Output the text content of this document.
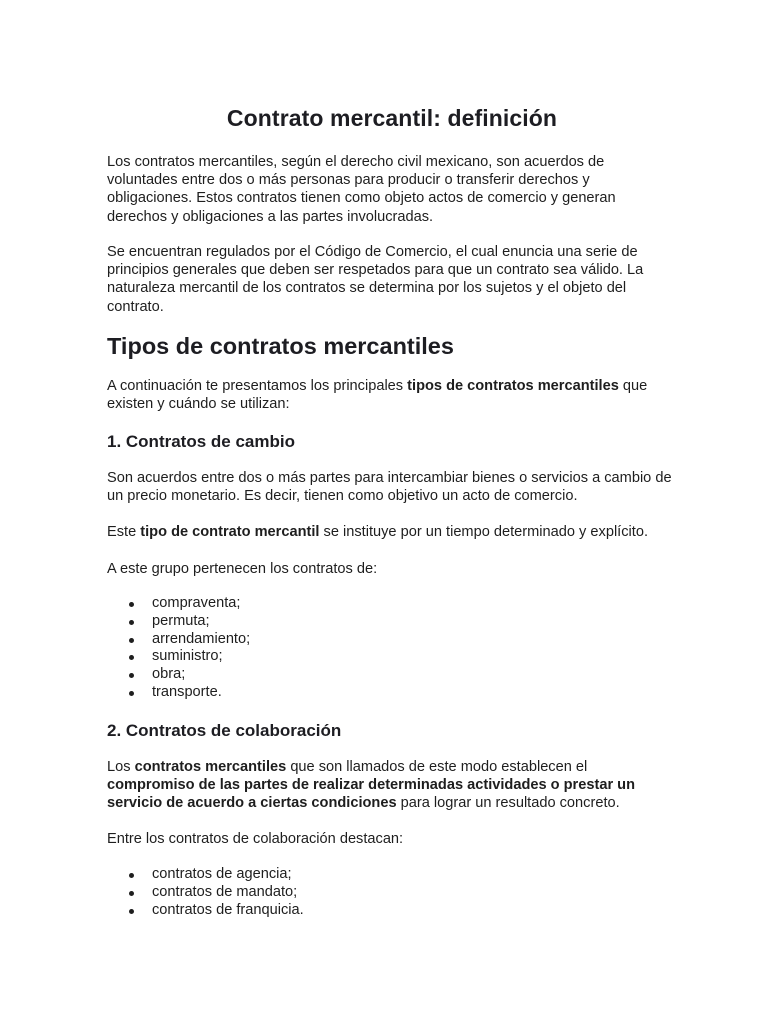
Contrato mercantil: definición

Los contratos mercantiles, según el derecho civil mexicano, son acuerdos de voluntades entre dos o más personas para producir o transferir derechos y obligaciones. Estos contratos tienen como objeto actos de comercio y generan derechos y obligaciones a las partes involucradas.

Se encuentran regulados por el Código de Comercio, el cual enuncia una serie de principios generales que deben ser respetados para que un contrato sea válido. La naturaleza mercantil de los contratos se determina por los sujetos y el objeto del contrato.

Tipos de contratos mercantiles

A continuación te presentamos los principales tipos de contratos mercantiles que existen y cuándo se utilizan:

1. Contratos de cambio

Son acuerdos entre dos o más partes para intercambiar bienes o servicios a cambio de un precio monetario. Es decir, tienen como objetivo un acto de comercio.

Este tipo de contrato mercantil se instituye por un tiempo determinado y explícito.

A este grupo pertenecen los contratos de:

compraventa;
permuta;
arrendamiento;
suministro;
obra;
transporte.
2. Contratos de colaboración

Los contratos mercantiles que son llamados de este modo establecen el compromiso de las partes de realizar determinadas actividades o prestar un servicio de acuerdo a ciertas condiciones para lograr un resultado concreto.

Entre los contratos de colaboración destacan:

contratos de agencia;
contratos de mandato;
contratos de franquicia.
